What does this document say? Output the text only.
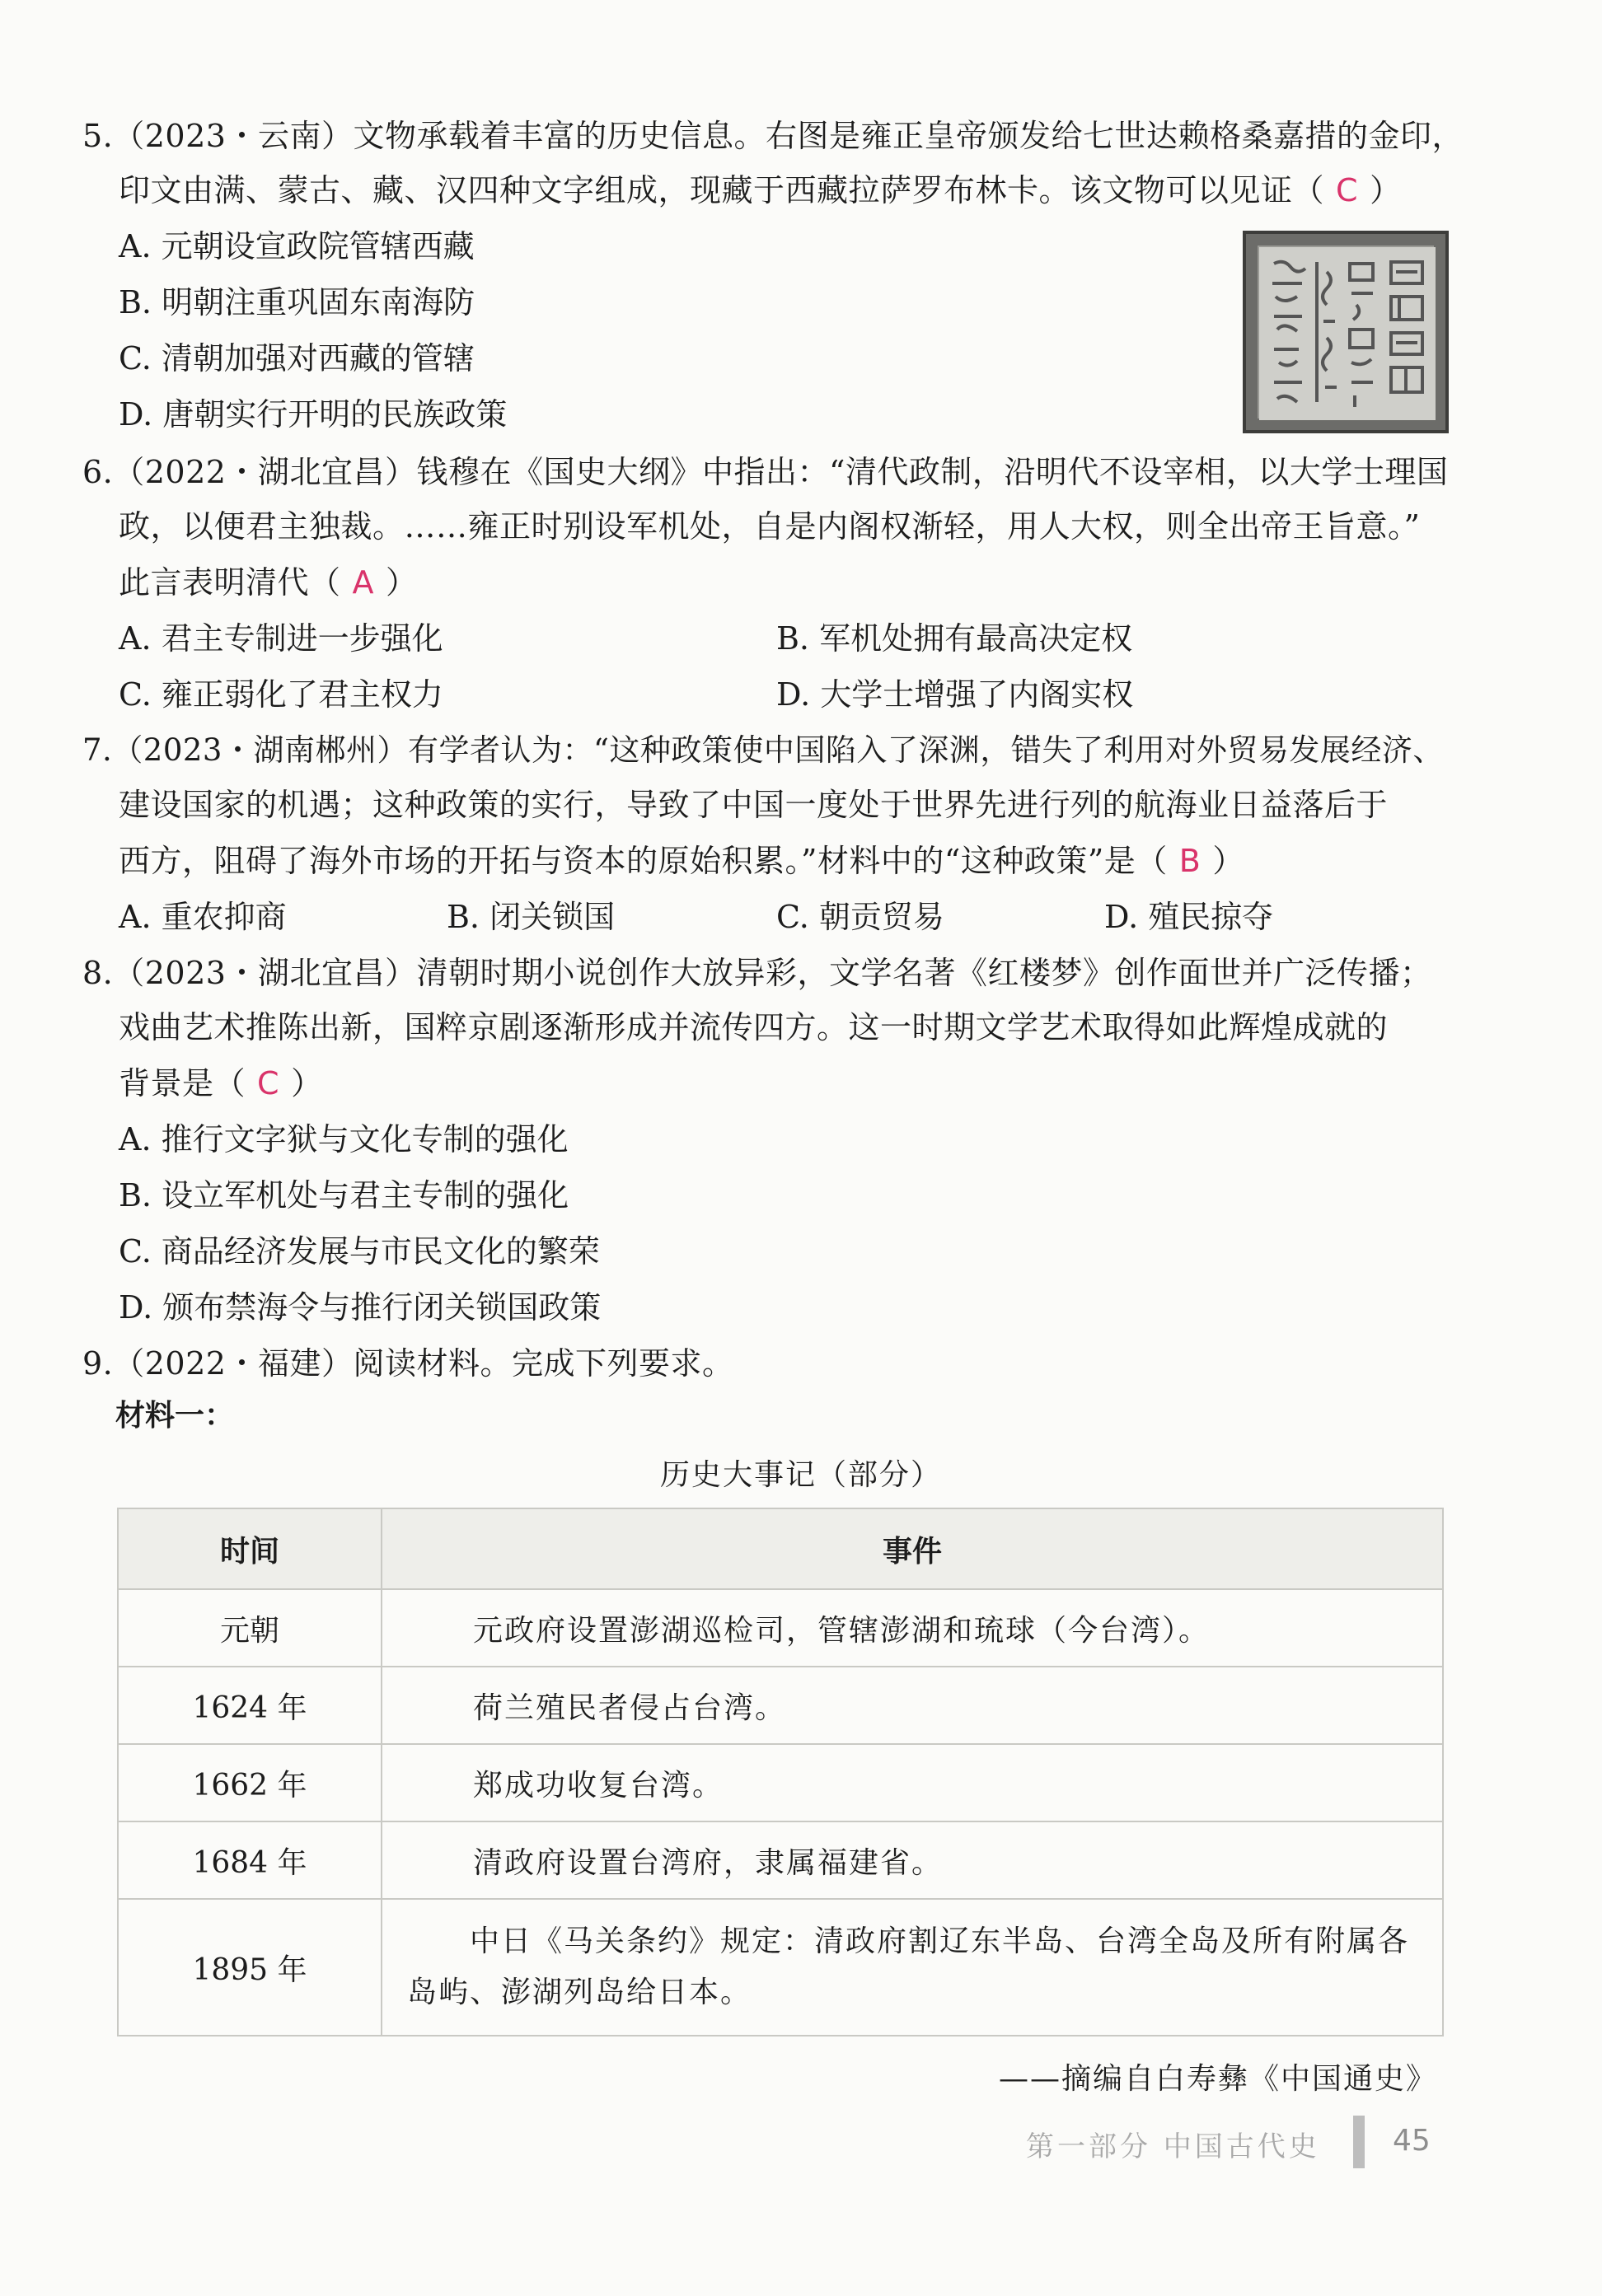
5.（2023・云南）文物承载着丰富的历史信息。右图是雍正皇帝颁发给七世达赖格桑嘉措的金印，
印文由满、蒙古、藏、汉四种文字组成，现藏于西藏拉萨罗布林卡。该文物可以见证（ C ）
A. 元朝设宣政院管辖西藏
B. 明朝注重巩固东南海防
C. 清朝加强对西藏的管辖
D. 唐朝实行开明的民族政策
6.（2022・湖北宜昌）钱穆在《国史大纲》中指出：“清代政制，沿明代不设宰相，以大学士理国
政，以便君主独裁。……雍正时别设军机处，自是内阁权渐轻，用人大权，则全出帝王旨意。”
此言表明清代（ A ）
A. 君主专制进一步强化	B. 军机处拥有最高决定权
C. 雍正弱化了君主权力	D. 大学士增强了内阁实权
7.（2023・湖南郴州）有学者认为：“这种政策使中国陷入了深渊，错失了利用对外贸易发展经济、
建设国家的机遇；这种政策的实行，导致了中国一度处于世界先进行列的航海业日益落后于
西方，阻碍了海外市场的开拓与资本的原始积累。”材料中的“这种政策”是（ B ）
A. 重农抑商	B. 闭关锁国	C. 朝贡贸易	D. 殖民掠夺
8.（2023・湖北宜昌）清朝时期小说创作大放异彩，文学名著《红楼梦》创作面世并广泛传播；
戏曲艺术推陈出新，国粹京剧逐渐形成并流传四方。这一时期文学艺术取得如此辉煌成就的
背景是（ C ）
A. 推行文字狱与文化专制的强化
B. 设立军机处与君主专制的强化
C. 商品经济发展与市民文化的繁荣
D. 颁布禁海令与推行闭关锁国政策
9.（2022・福建）阅读材料。完成下列要求。
材料一：
历史大事记（部分）
时间	事件
元朝	元政府设置澎湖巡检司，管辖澎湖和琉球（今台湾）。
1624 年	荷兰殖民者侵占台湾。
1662 年	郑成功收复台湾。
1684 年	清政府设置台湾府，隶属福建省。
1895 年	　　中日《马关条约》规定：清政府割辽东半岛、台湾全岛及所有附属各岛屿、澎湖列岛给日本。
——摘编自白寿彝《中国通史》
第一部分 中国古代史 45
